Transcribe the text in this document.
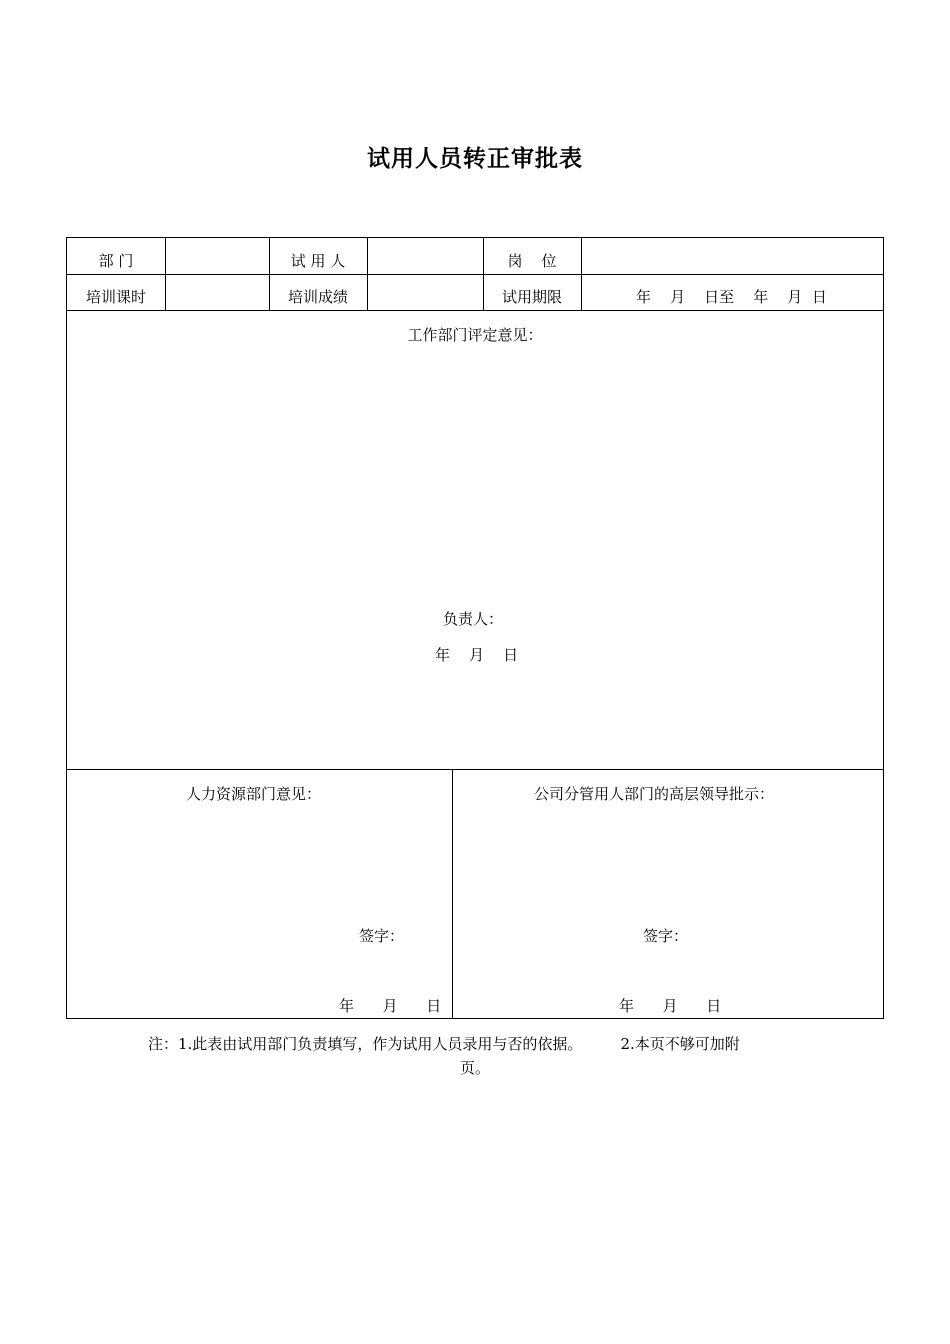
试用人员转正审批表
部 门	试 用 人	岗    位
培训课时	培训成绩	试用期限	年    月    日至    年    月  日
工作部门评定意见：
负责人：
年    月    日
人力资源部门意见：
签字：
年      月      日
公司分管用人部门的高层领导批示：
签字：
年      月      日
注：1.此表由试用部门负责填写，作为试用人员录用与否的依据。        2.本页不够可加附
页。
